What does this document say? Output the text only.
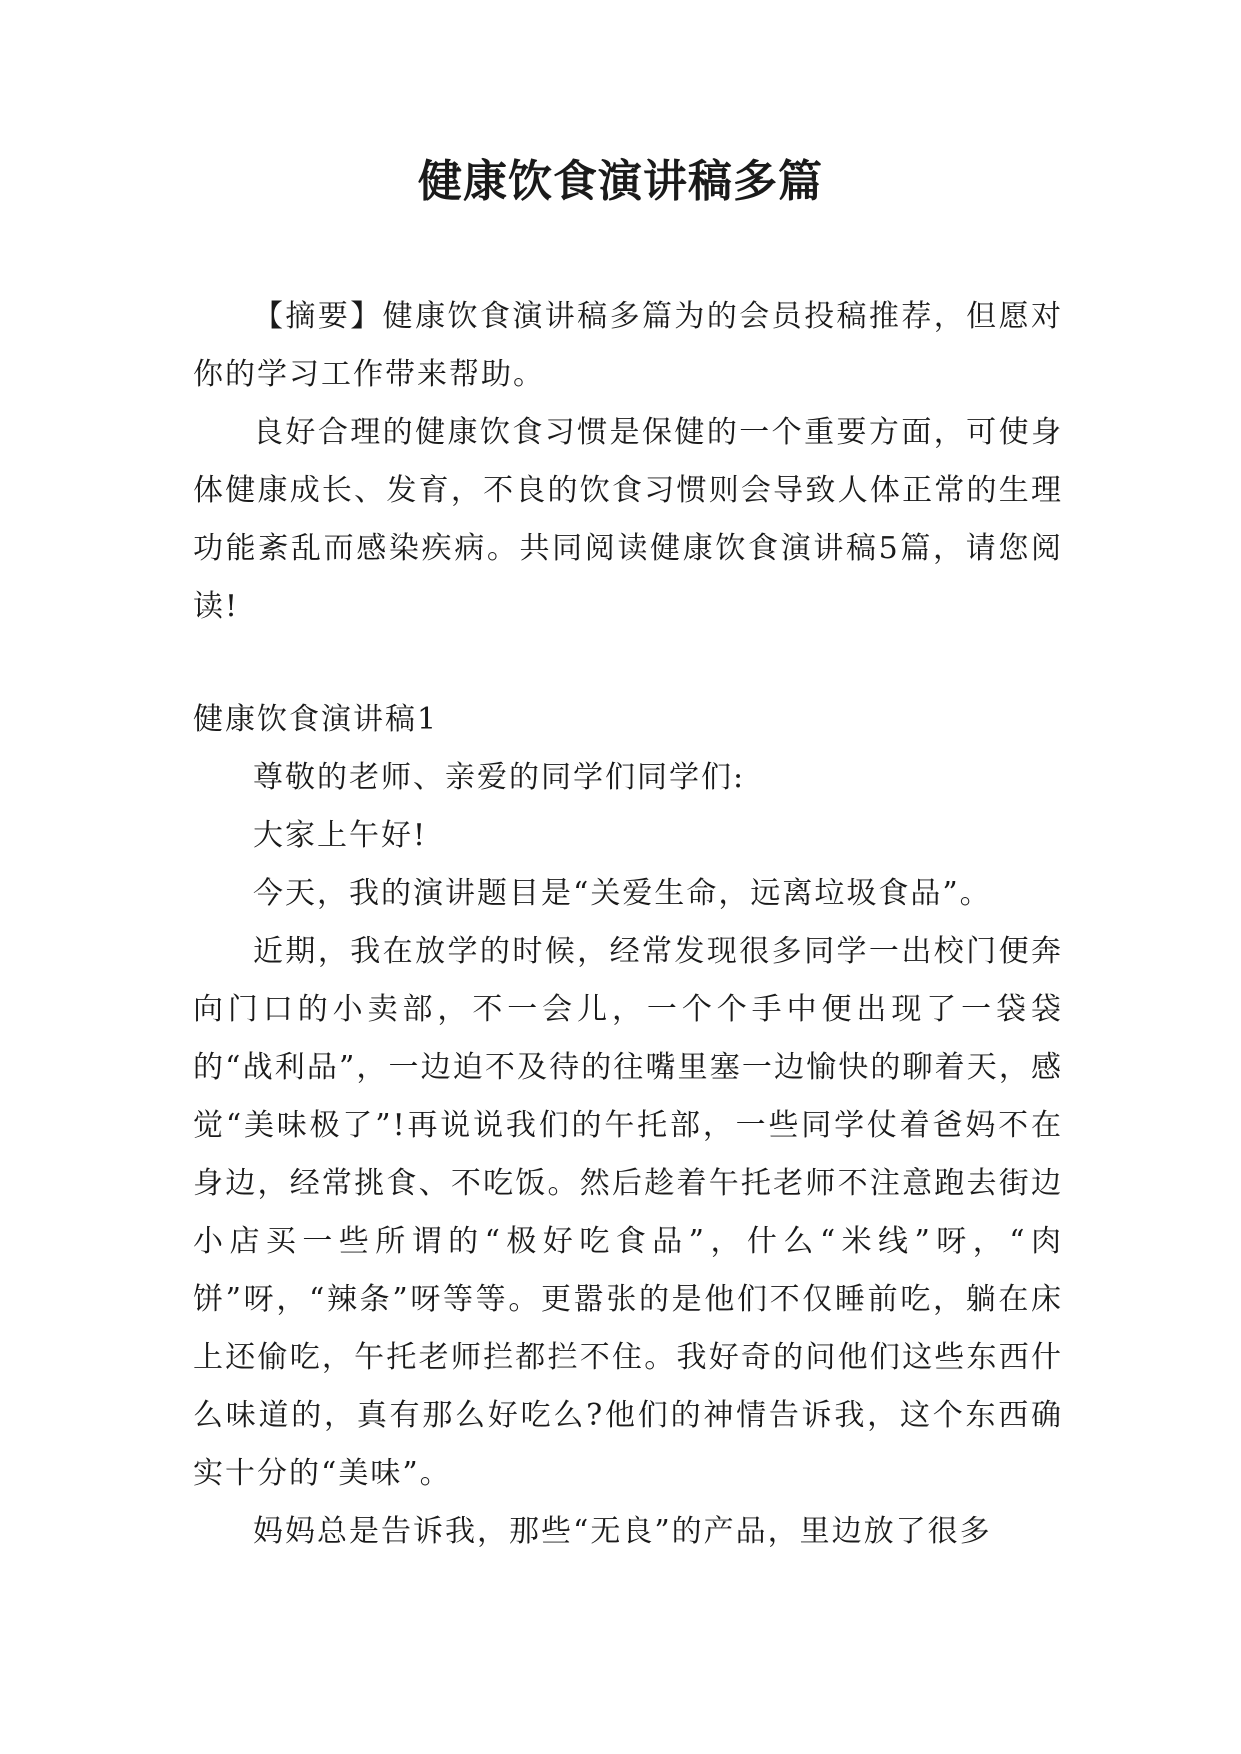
健康饮食演讲稿多篇

【摘要】健康饮食演讲稿多篇为的会员投稿推荐，但愿对你的学习工作带来帮助。

良好合理的健康饮食习惯是保健的一个重要方面，可使身体健康成长、发育，不良的饮食习惯则会导致人体正常的生理功能紊乱而感染疾病。共同阅读健康饮食演讲稿5篇，请您阅读!

健康饮食演讲稿1

尊敬的老师、亲爱的同学们同学们:

大家上午好!

今天，我的演讲题目是“关爱生命，远离垃圾食品”。

近期，我在放学的时候，经常发现很多同学一出校门便奔向门口的小卖部，不一会儿，一个个手中便出现了一袋袋的“战利品”，一边迫不及待的往嘴里塞一边愉快的聊着天，感觉“美味极了”!再说说我们的午托部，一些同学仗着爸妈不在身边，经常挑食、不吃饭。然后趁着午托老师不注意跑去街边小店买一些所谓的“极好吃食品”，什么“米线”呀，“肉饼”呀，“辣条”呀等等。更嚣张的是他们不仅睡前吃，躺在床上还偷吃，午托老师拦都拦不住。我好奇的问他们这些东西什么味道的，真有那么好吃么?他们的神情告诉我，这个东西确实十分的“美味”。

妈妈总是告诉我，那些“无良”的产品，里边放了很多
